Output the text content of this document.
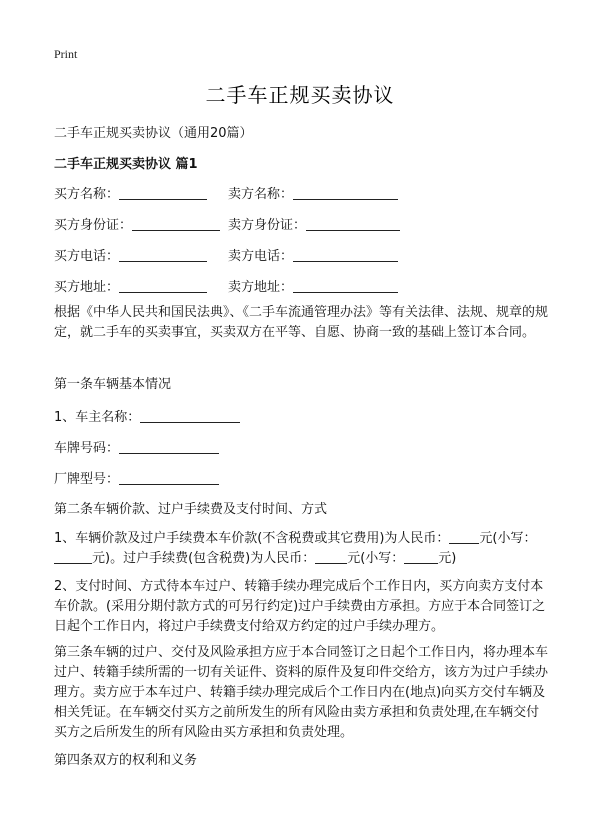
Print
二手车正规买卖协议
二手车正规买卖协议（通用20篇）
二手车正规买卖协议 篇1
买方名称：	卖方名称：
买方身份证：	卖方身份证：
买方电话：	卖方电话：
买方地址：	卖方地址：
根据《中华人民共和国民法典》、《二手车流通管理办法》等有关法律、法规、规章的规定，就二手车的买卖事宜，买卖双方在平等、自愿、协商一致的基础上签订本合同。
第一条车辆基本情况
1、车主名称：
车牌号码：
厂牌型号：
第二条车辆价款、过户手续费及支付时间、方式
1、车辆价款及过户手续费本车价款(不含税费或其它费用)为人民币： 元(小写：元)。过户手续费(包含税费)为人民币： 元(小写：	元)
2、支付时间、方式待本车过户、转籍手续办理完成后个工作日内，买方向卖方支付本车价款。(采用分期付款方式的可另行约定)过户手续费由方承担。方应于本合同签订之日起个工作日内，将过户手续费支付给双方约定的过户手续办理方。
第三条车辆的过户、交付及风险承担方应于本合同签订之日起个工作日内，将办理本车过户、转籍手续所需的一切有关证件、资料的原件及复印件交给方，该方为过户手续办理方。卖方应于本车过户、转籍手续办理完成后个工作日内在(地点)向买方交付车辆及相关凭证。在车辆交付买方之前所发生的所有风险由卖方承担和负责处理,在车辆交付买方之后所发生的所有风险由买方承担和负责处理。
第四条双方的权利和义务
